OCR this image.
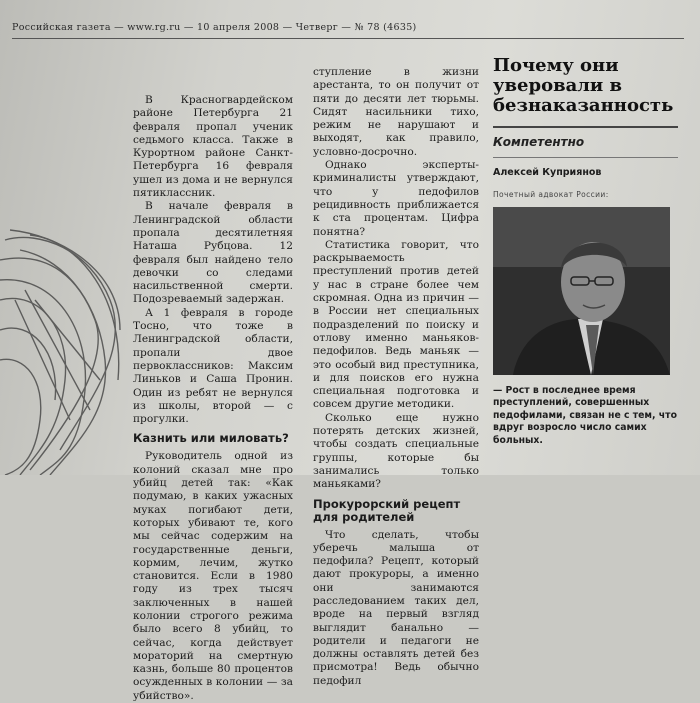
Российская газета — www.rg.ru — 10 апреля 2008 — Четверг — № 78 (4635)

В Красногвардейском районе Петербурга 21 февраля пропал ученик седьмого класса. Также в Курортном районе Санкт-Петербурга 16 февраля ушел из дома и не вернулся пятиклассник.

В начале февраля в Ленинградской области пропала десятилетняя Наташа Рубцова. 12 февраля был найдено тело девочки со следами насильственной смерти. Подозреваемый задержан.

А 1 февраля в городе Тосно, что тоже в Ленинградской области, пропали двое первоклассников: Максим Линьков и Саша Пронин. Один из ребят не вернулся из школы, второй — с прогулки.

Казнить или миловать?

Руководитель одной из колоний сказал мне про убийц детей так: «Как подумаю, в каких ужасных муках погибают дети, которых убивают те, кого мы сейчас содержим на государственные деньги, кормим, лечим, жутко становится. Если в 1980 году из трех тысяч заключенных в нашей колонии строгого режима было всего 8 убийц, то сейчас, когда действует мораторий на смертную казнь, больше 80 процентов осужденных в колонии — за убийство».

ступление в жизни арестанта, то он получит от пяти до десяти лет тюрьмы. Сидят насильники тихо, режим не нарушают и выходят, как правило, условно-досрочно.

Однако эксперты-криминалисты утверждают, что у педофилов рецидивность приближается к ста процентам. Цифра понятна?

Статистика говорит, что раскрываемость преступлений против детей у нас в стране более чем скромная. Одна из причин — в России нет специальных подразделений по поиску и отлову именно маньяков-педофилов. Ведь маньяк — это особый вид преступника, и для поисков его нужна специальная подготовка и совсем другие методики.

Сколько еще нужно потерять детских жизней, чтобы создать специальные группы, которые бы занимались только маньяками?

Прокурорский рецепт для родителей

Что сделать, чтобы уберечь малыша от педофила? Рецепт, который дают прокуроры, а именно они занимаются расследованием таких дел, вроде на первый взгляд выглядит банально — родители и педагоги не должны оставлять детей без присмотра! Ведь обычно педофил

Почему они уверовали в безнаказанность
Компетентно
Алексей Куприянов
Почетный адвокат России:
— Рост в последнее время преступлений, совершенных педофилами, связан не с тем, что вдруг возросло число самих больных.
